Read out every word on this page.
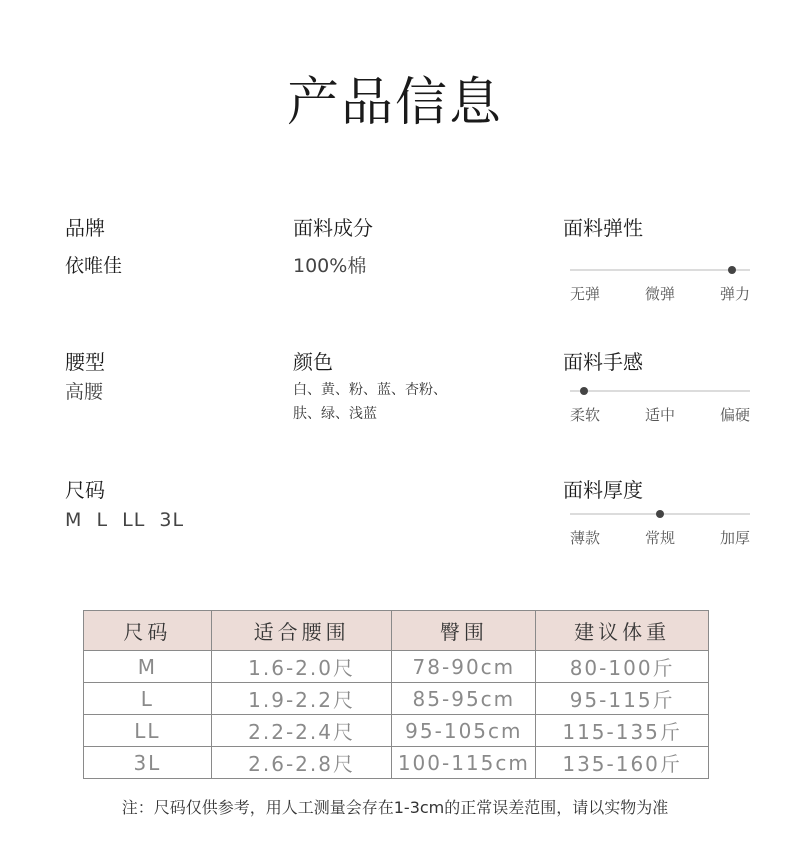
产品信息
品牌
依唯佳
面料成分
100%棉
面料弹性
无弹	微弹	弹力
腰型
高腰
颜色
白、黄、粉、蓝、杏粉、
肤、绿、浅蓝
面料手感
柔软	适中	偏硬
尺码
M  L  LL  3L
面料厚度
薄款	常规	加厚
尺码	适合腰围	臀围	建议体重
M	1.6-2.0尺	78-90cm	80-100斤
L	1.9-2.2尺	85-95cm	95-115斤
LL	2.2-2.4尺	95-105cm	115-135斤
3L	2.6-2.8尺	100-115cm	135-160斤
注：尺码仅供参考，用人工测量会存在1-3cm的正常误差范围，请以实物为准
